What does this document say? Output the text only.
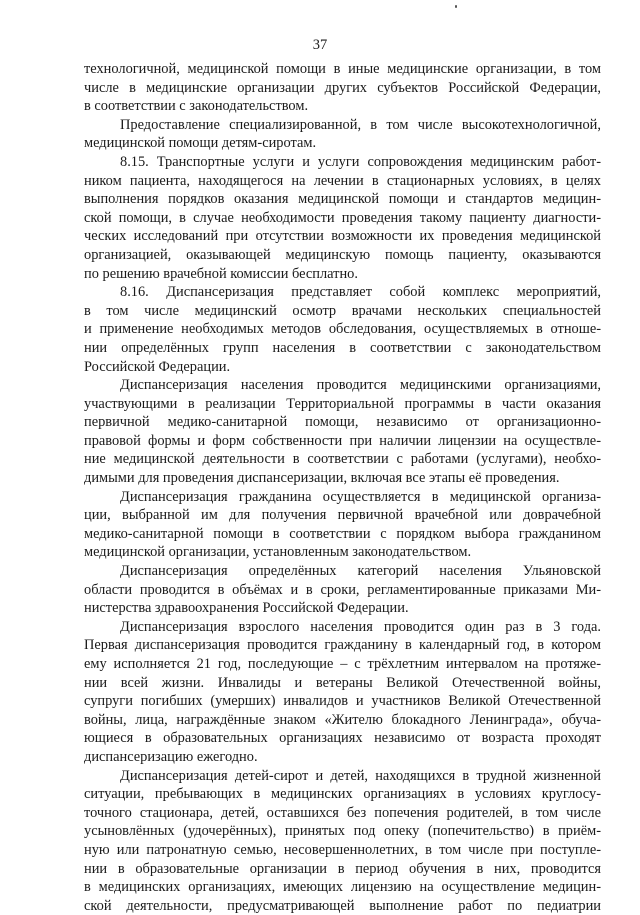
37
технологичной, медицинской помощи в иные медицинские организации, в том
числе в медицинские организации других субъектов Российской Федерации,
в соответствии с законодательством.
Предоставление специализированной, в том числе высокотехнологичной,
медицинской помощи детям-сиротам.
8.15. Транспортные услуги и услуги сопровождения медицинским работ-
ником пациента, находящегося на лечении в стационарных условиях, в целях
выполнения порядков оказания медицинской помощи и стандартов медицин-
ской помощи, в случае необходимости проведения такому пациенту диагности-
ческих исследований при отсутствии возможности их проведения медицинской
организацией, оказывающей медицинскую помощь пациенту, оказываются
по решению врачебной комиссии бесплатно.
8.16. Диспансеризация представляет собой комплекс мероприятий,
в том числе медицинский осмотр врачами нескольких специальностей
и применение необходимых методов обследования, осуществляемых в отноше-
нии определённых групп населения в соответствии с законодательством
Российской Федерации.
Диспансеризация населения проводится медицинскими организациями,
участвующими в реализации Территориальной программы в части оказания
первичной медико-санитарной помощи, независимо от организационно-
правовой формы и форм собственности при наличии лицензии на осуществле-
ние медицинской деятельности в соответствии с работами (услугами), необхо-
димыми для проведения диспансеризации, включая все этапы её проведения.
Диспансеризация гражданина осуществляется в медицинской организа-
ции, выбранной им для получения первичной врачебной или доврачебной
медико-санитарной помощи в соответствии с порядком выбора гражданином
медицинской организации, установленным законодательством.
Диспансеризация определённых категорий населения Ульяновской
области проводится в объёмах и в сроки, регламентированные приказами Ми-
нистерства здравоохранения Российской Федерации.
Диспансеризация взрослого населения проводится один раз в 3 года.
Первая диспансеризация проводится гражданину в календарный год, в котором
ему исполняется 21 год, последующие – с трёхлетним интервалом на протяже-
нии всей жизни. Инвалиды и ветераны Великой Отечественной войны,
супруги погибших (умерших) инвалидов и участников Великой Отечественной
войны, лица, награждённые знаком «Жителю блокадного Ленинграда», обуча-
ющиеся в образовательных организациях независимо от возраста проходят
диспансеризацию ежегодно.
Диспансеризация детей-сирот и детей, находящихся в трудной жизненной
ситуации, пребывающих в медицинских организациях в условиях круглосу-
точного стационара, детей, оставшихся без попечения родителей, в том числе
усыновлённых (удочерённых), принятых под опеку (попечительство) в приём-
ную или патронатную семью, несовершеннолетних, в том числе при поступле-
нии в образовательные организации в период обучения в них, проводится
в медицинских организациях, имеющих лицензию на осуществление медицин-
ской деятельности, предусматривающей выполнение работ по педиатрии
